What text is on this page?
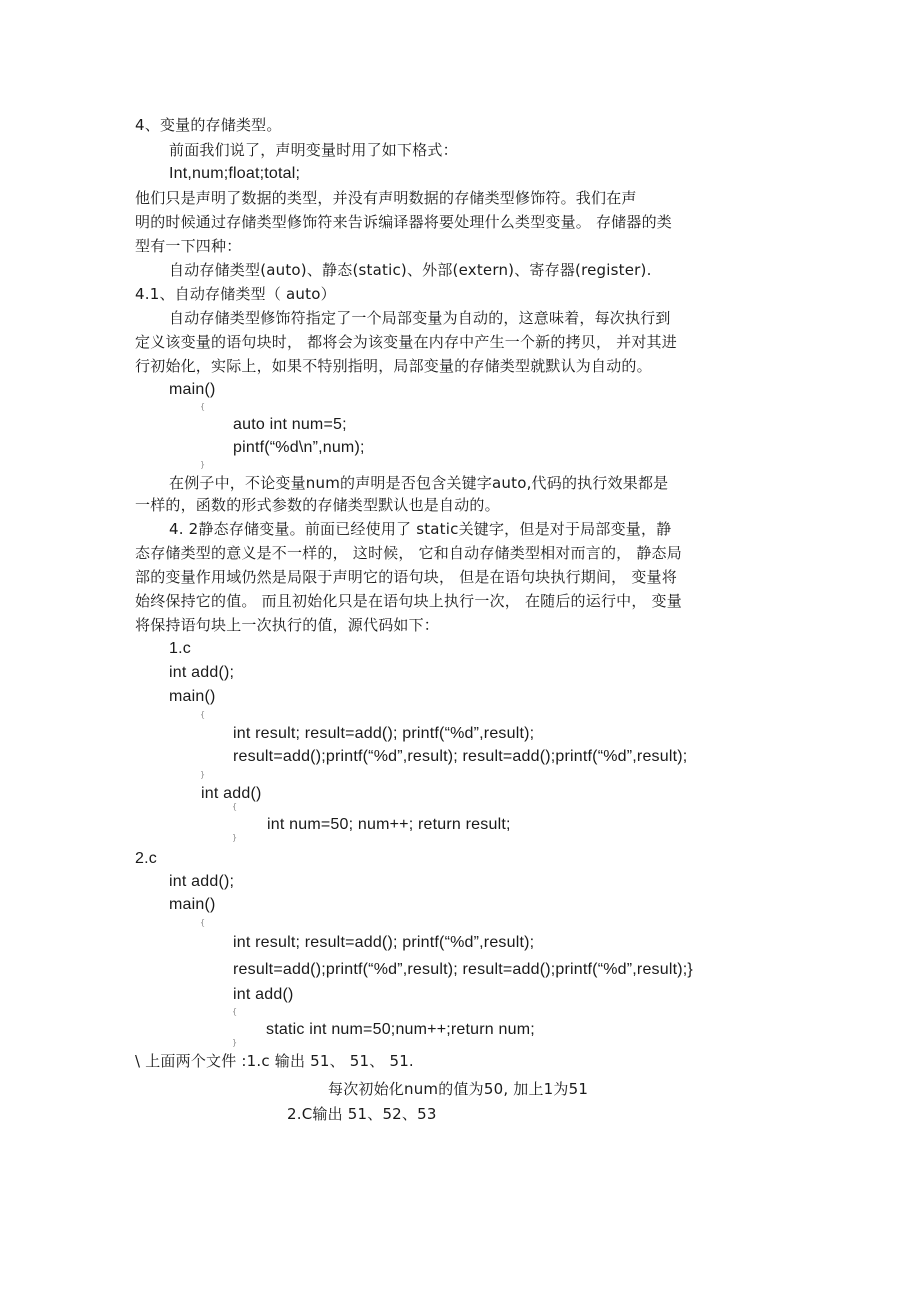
4、变量的存储类型。
前面我们说了，声明变量时用了如下格式：
Int,num;float;total;
他们只是声明了数据的类型，并没有声明数据的存储类型修饰符。我们在声
明的时候通过存储类型修饰符来告诉编译器将要处理什么类型变量。 存储器的类
型有一下四种：
自动存储类型(auto)、静态(static)、外部(extern)、寄存器(register).
4.1、自动存储类型（ auto）
自动存储类型修饰符指定了一个局部变量为自动的，这意味着，每次执行到
定义该变量的语句块时， 都将会为该变量在内存中产生一个新的拷贝， 并对其进
行初始化，实际上，如果不特别指明，局部变量的存储类型就默认为自动的。
main()
{
auto int num=5;
pintf(“%d\n”,num);
}
在例子中，不论变量num的声明是否包含关键字auto,代码的执行效果都是
一样的，函数的形式参数的存储类型默认也是自动的。
4. 2静态存储变量。前面已经使用了 static关键字，但是对于局部变量，静
态存储类型的意义是不一样的， 这时候， 它和自动存储类型相对而言的， 静态局
部的变量作用域仍然是局限于声明它的语句块， 但是在语句块执行期间， 变量将
始终保持它的值。 而且初始化只是在语句块上执行一次， 在随后的运行中， 变量
将保持语句块上一次执行的值，源代码如下：
1.c
int add();
main()
{
int result; result=add(); printf(“%d”,result);
result=add();printf(“%d”,result); result=add();printf(“%d”,result);
}
int add()
{
int num=50; num++; return result;
}
2.c
int add();
main()
{
int result; result=add(); printf(“%d”,result);
result=add();printf(“%d”,result); result=add();printf(“%d”,result);}
int add()
{
static int num=50;num++;return num;
}
\ 上面两个文件 :1.c 输出 51、 51、 51.
每次初始化num的值为50, 加上1为51
2.C输出 51、52、53
